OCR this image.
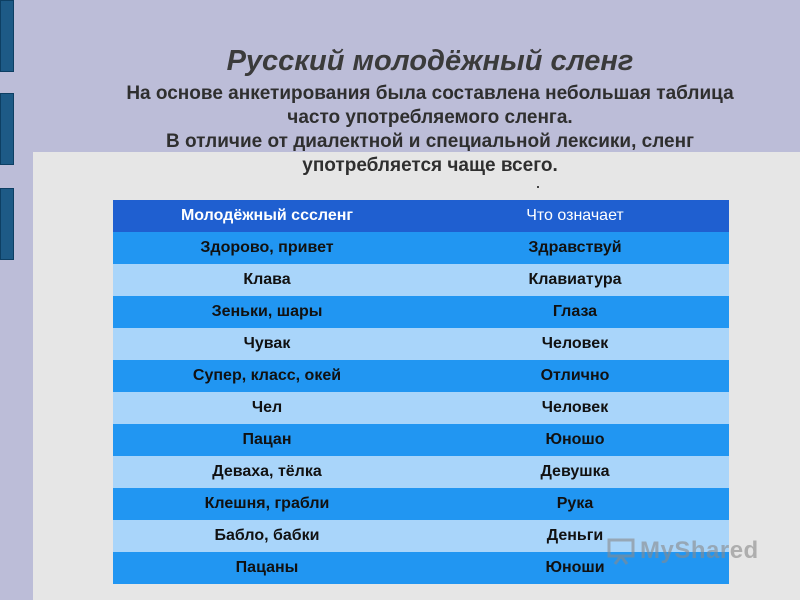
Русский молодёжный сленг
На основе анкетирования была составлена небольшая таблица
часто употребляемого сленга.
В отличие от диалектной и специальной лексики, сленг
употребляется чаще всего.
Молодёжный сссленг	Что означает
Здорово, привет	Здравствуй
Клава	Клавиатура
Зеньки, шары	Глаза
Чувак	Человек
Супер, класс, окей	Отлично
Чел	Человек
Пацан	Юношо
Деваха, тёлка	Девушка
Клешня, грабли	Рука
Бабло, бабки	Деньги
Пацаны	Юноши
MyShared
